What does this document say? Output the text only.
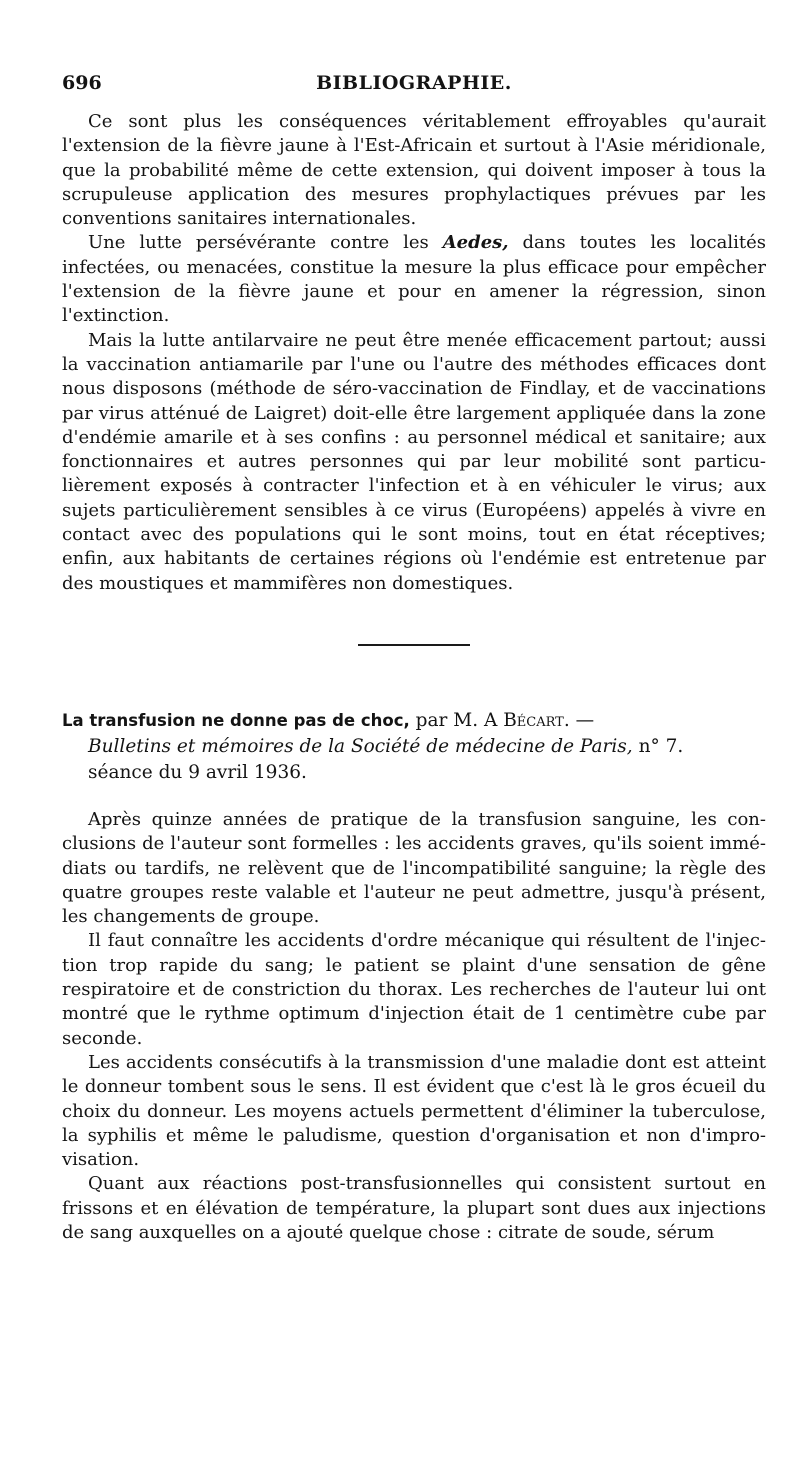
696	BIBLIOGRAPHIE.

Ce sont plus les conséquences véritablement effroyables qu'aurait l'extension de la fièvre jaune à l'Est-Africain et surtout à l'Asie méridionale, que la probabilité même de cette extension, qui doivent imposer à tous la scrupuleuse application des mesures prophylactiques prévues par les conventions sanitaires internationales.

Une lutte persévérante contre les Aedes, dans toutes les localités infectées, ou menacées, constitue la mesure la plus efficace pour empêcher l'extension de la fièvre jaune et pour en amener la régression, sinon l'extinction.

Mais la lutte antilarvaire ne peut être menée efficacement partout; aussi la vaccination antiamarile par l'une ou l'autre des méthodes efficaces dont nous disposons (méthode de séro-vaccination de Findlay, et de vaccinations par virus atténué de Laigret) doit-elle être largement appliquée dans la zone d'endémie amarile et à ses confins : au personnel médical et sanitaire; aux fonctionnaires et autres personnes qui par leur mobilité sont particulièrement exposés à contracter l'infection et à en véhiculer le virus; aux sujets particulièrement sensibles à ce virus (Européens) appelés à vivre en contact avec des populations qui le sont moins, tout en état réceptives; enfin, aux habitants de certaines régions où l'endémie est entretenue par des moustiques et mammifères non domestiques.

La transfusion ne donne pas de choc, par M. A Bécart. —
Bulletins et mémoires de la Société de médecine de Paris, n° 7.
séance du 9 avril 1936.

Après quinze années de pratique de la transfusion sanguine, les conclusions de l'auteur sont formelles : les accidents graves, qu'ils soient immédiats ou tardifs, ne relèvent que de l'incompatibilité sanguine; la règle des quatre groupes reste valable et l'auteur ne peut admettre, jusqu'à présent, les changements de groupe.

Il faut connaître les accidents d'ordre mécanique qui résultent de l'injection trop rapide du sang; le patient se plaint d'une sensation de gêne respiratoire et de constriction du thorax. Les recherches de l'auteur lui ont montré que le rythme optimum d'injection était de 1 centimètre cube par seconde.

Les accidents consécutifs à la transmission d'une maladie dont est atteint le donneur tombent sous le sens. Il est évident que c'est là le gros écueil du choix du donneur. Les moyens actuels permettent d'éliminer la tuberculose, la syphilis et même le paludisme, question d'organisation et non d'improvisation.

Quant aux réactions post-transfusionnelles qui consistent surtout en frissons et en élévation de température, la plupart sont dues aux injections de sang auxquelles on a ajouté quelque chose : citrate de soude, sérum
